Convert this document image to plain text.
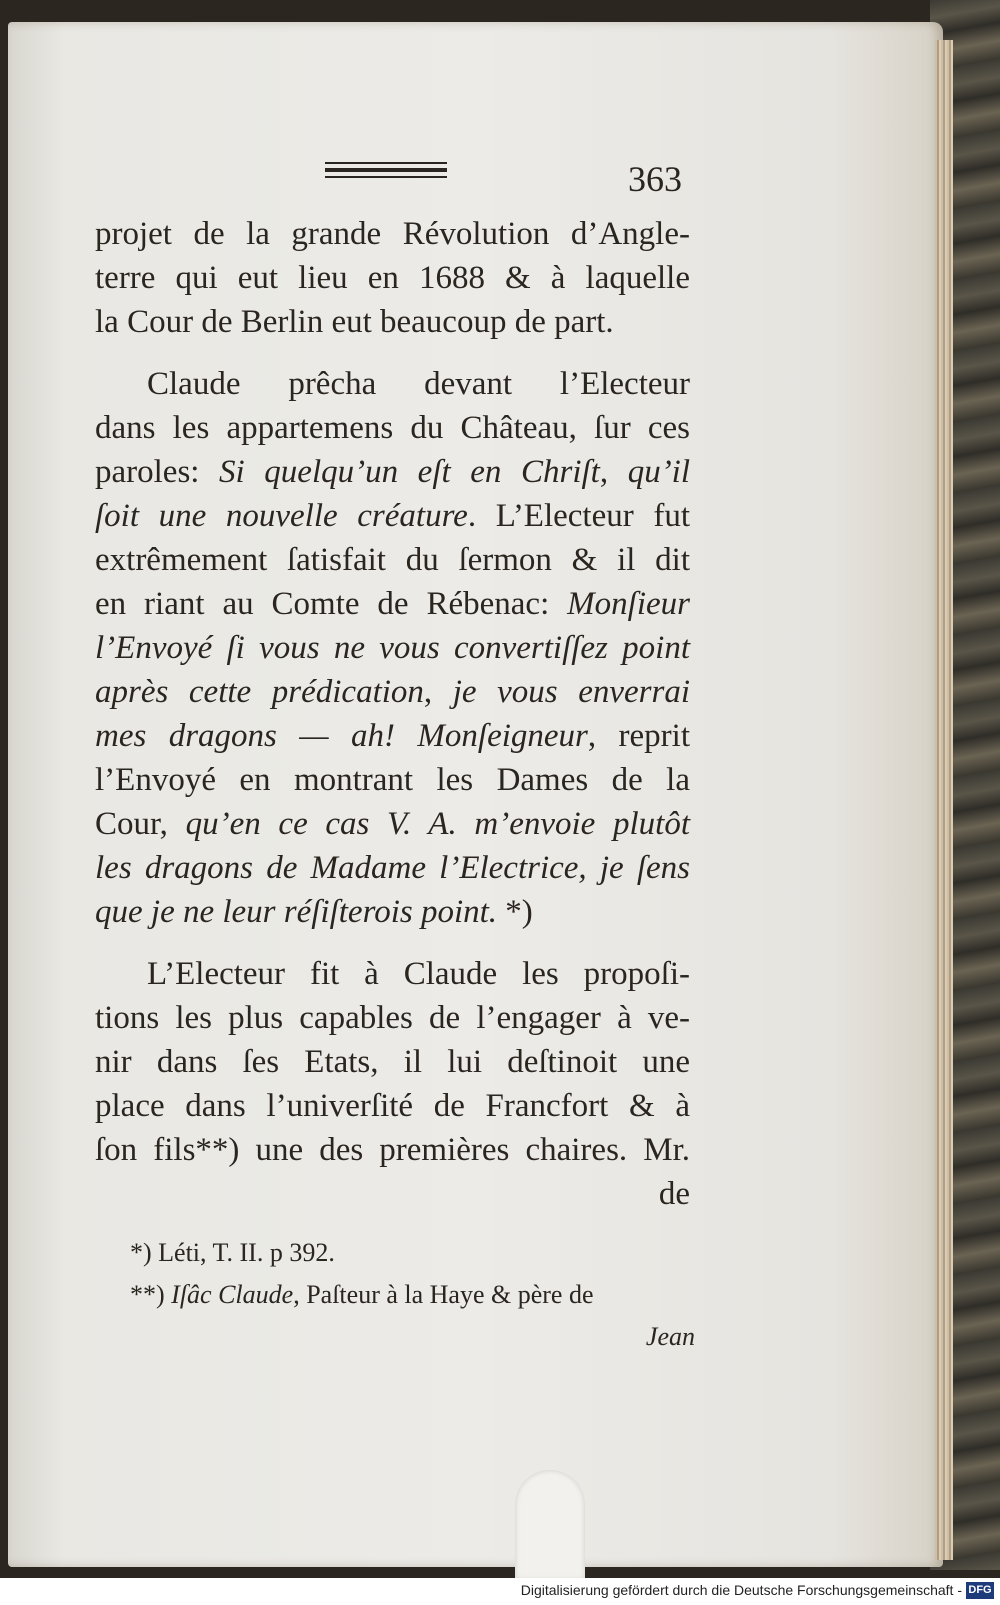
363
projet de la grande Révolution d’Angle-
terre qui eut lieu en 1688 & à laquelle
la Cour de Berlin eut beaucoup de part.
Claude prêcha devant l’Electeur
dans les appartemens du Château, ſur ces
paroles: Si quelqu’un eſt en Chriſt, qu’il
ſoit une nouvelle créature. L’Electeur fut
extrêmement ſatisfait du ſermon & il dit
en riant au Comte de Rébenac: Monſieur
l’Envoyé ſi vous ne vous convertiſſez point
après cette prédication, je vous enverrai
mes dragons — ah! Monſeigneur, reprit
l’Envoyé en montrant les Dames de la
Cour, qu’en ce cas V. A. m’envoie plutôt
les dragons de Madame l’Electrice, je ſens
que je ne leur réſiſterois point. *)
L’Electeur fit à Claude les propoſi-
tions les plus capables de l’engager à ve-
nir dans ſes Etats, il lui deſtinoit une
place dans l’univerſité de Francfort & à
ſon fils**) une des premières chaires. Mr.
de
*) Léti, T. II. p 392.
**) Iſâc Claude, Paſteur à la Haye & père de
Jean
Digitalisierung gefördert durch die Deutsche Forschungsgemeinschaft - DFG
